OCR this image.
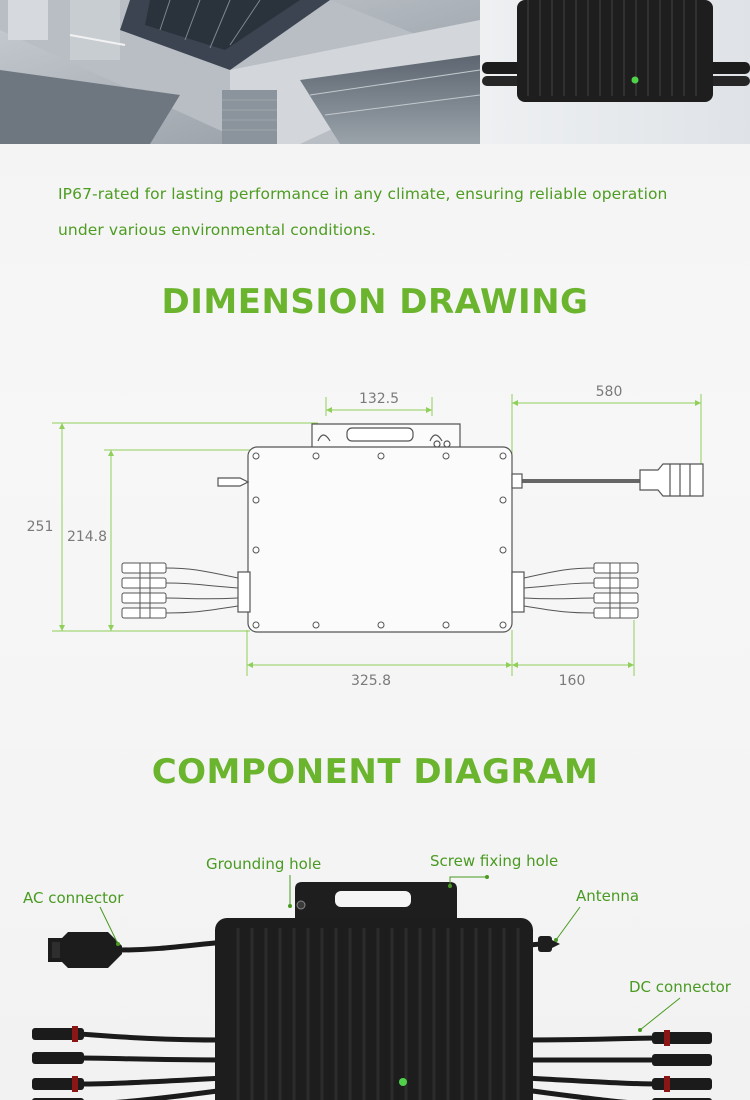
IP67-rated for lasting performance in any climate, ensuring reliable operation under various environmental conditions.

DIMENSION DRAWING
132.5	580
251
214.8
325.8	160
COMPONENT DIAGRAM
Grounding hole	Screw fixing hole
AC connector	Antenna
DC connector
